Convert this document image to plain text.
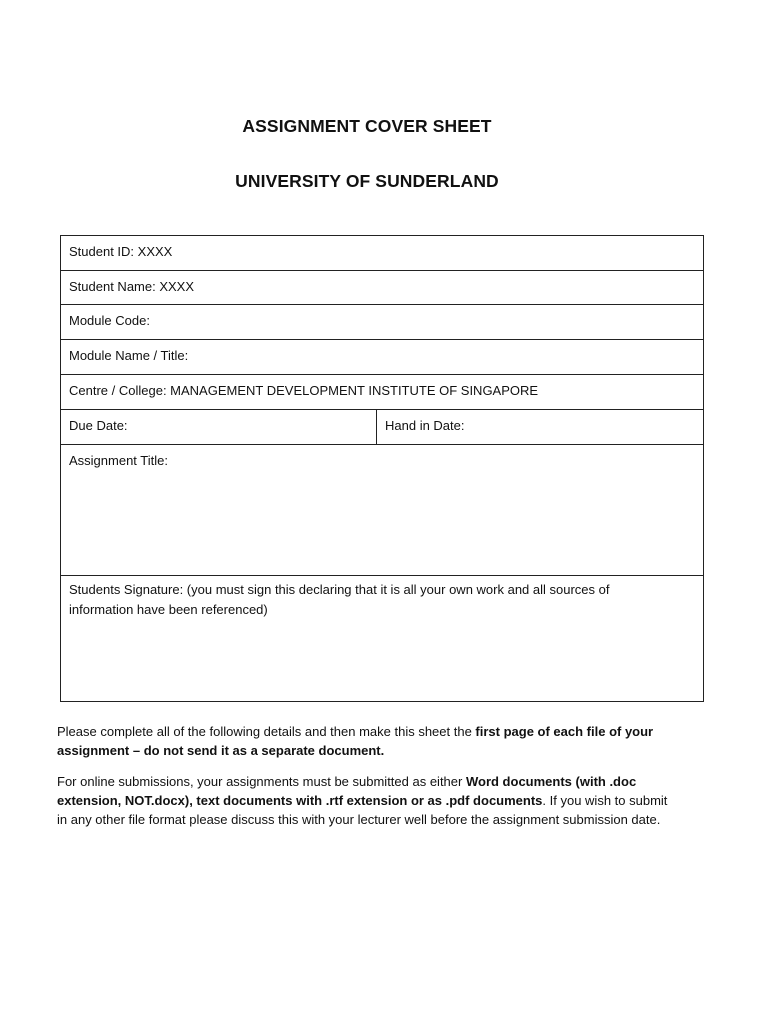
ASSIGNMENT COVER SHEET
UNIVERSITY OF SUNDERLAND
Student ID: XXXX
Student Name: XXXX
Module Code:
Module Name / Title:
Centre / College: MANAGEMENT DEVELOPMENT INSTITUTE OF SINGAPORE
Due Date:	Hand in Date:
Assignment Title:
Students Signature: (you must sign this declaring that it is all your own work and all sources of
information have been referenced)
Please complete all of the following details and then make this sheet the first page of each file of your assignment – do not send it as a separate document.
For online submissions, your assignments must be submitted as either Word documents (with .doc extension, NOT.docx), text documents with .rtf extension or as .pdf documents. If you wish to submit in any other file format please discuss this with your lecturer well before the assignment submission date.
